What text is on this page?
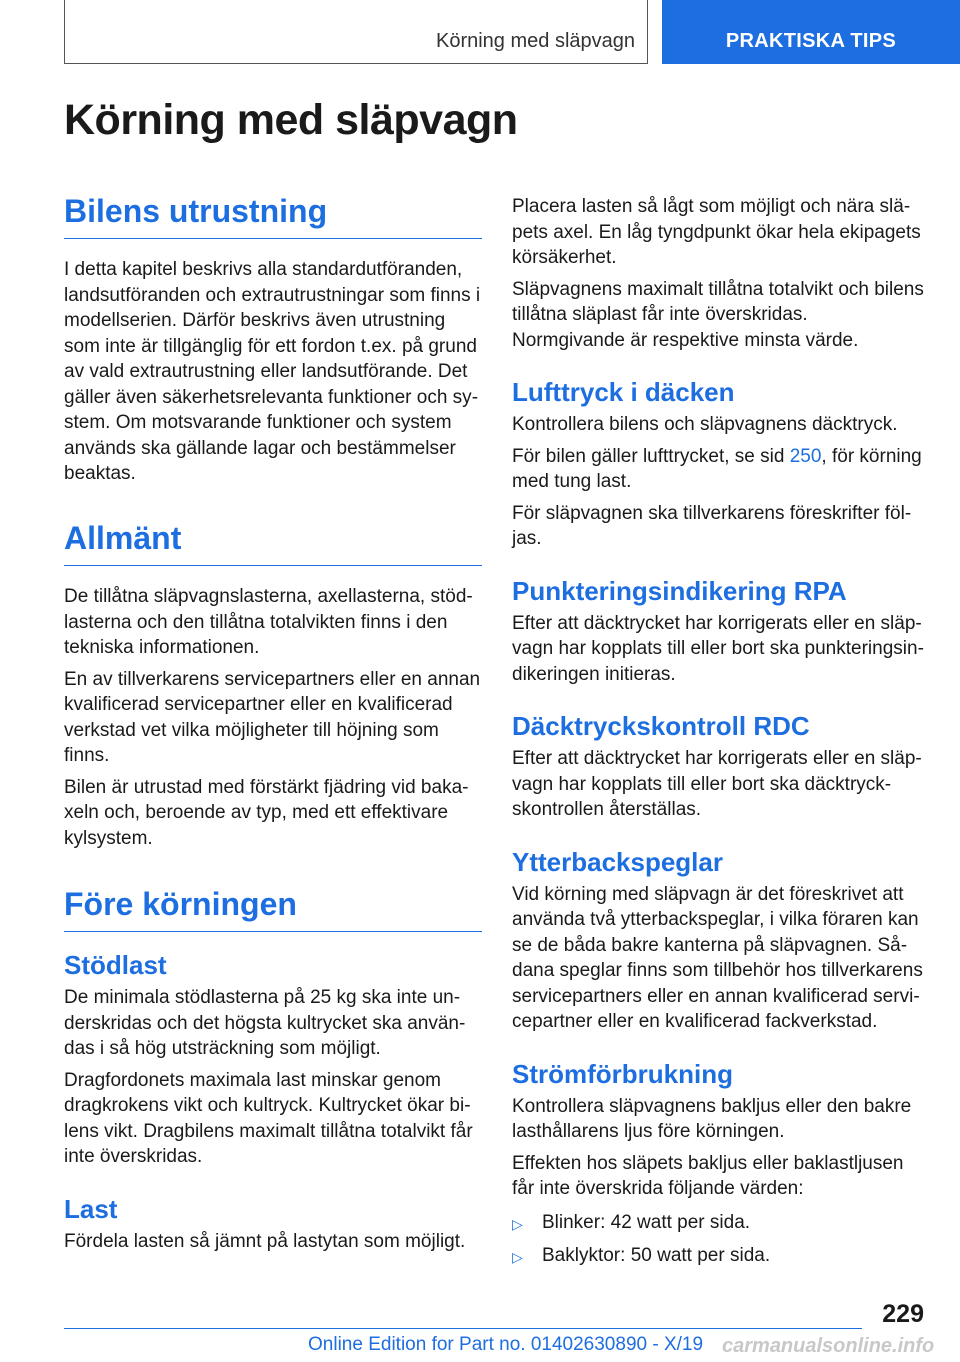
Körning med släpvagn	PRAKTISKA TIPS
Körning med släpvagn
Bilens utrustning

I detta kapitel beskrivs alla standardutföranden, landsutföranden och extrautrustningar som finns i modellserien. Därför beskrivs även utrustning som inte är tillgänglig för ett fordon t.ex. på grund av vald extrautrustning eller landsutförande. Det gäller även säkerhetsrelevanta funktioner och system. Om motsvarande funktioner och system används ska gällande lagar och bestämmelser beaktas.

Allmänt

De tillåtna släpvagnslasterna, axellasterna, stödlasterna och den tillåtna totalvikten finns i den tekniska informationen.

En av tillverkarens servicepartners eller en annan kvalificerad servicepartner eller en kvalificerad verkstad vet vilka möjligheter till höjning som finns.

Bilen är utrustad med förstärkt fjädring vid bakaxeln och, beroende av typ, med ett effektivare kylsystem.

Före körningen
Stödlast

De minimala stödlasterna på 25 kg ska inte underskridas och det högsta kultrycket ska användas i så hög utsträckning som möjligt.

Dragfordonets maximala last minskar genom dragkrokens vikt och kultryck. Kultrycket ökar bilens vikt. Dragbilens maximalt tillåtna totalvikt får inte överskridas.

Last

Fördela lasten så jämnt på lastytan som möjligt.

Placera lasten så lågt som möjligt och nära släpets axel. En låg tyngdpunkt ökar hela ekipagets körsäkerhet.

Släpvagnens maximalt tillåtna totalvikt och bilens tillåtna släplast får inte överskridas. Normgivande är respektive minsta värde.

Lufttryck i däcken

Kontrollera bilens och släpvagnens däcktryck.

För bilen gäller lufttrycket, se sid 250, för körning med tung last.

För släpvagnen ska tillverkarens föreskrifter följas.

Punkteringsindikering RPA

Efter att däcktrycket har korrigerats eller en släpvagn har kopplats till eller bort ska punkteringsindikeringen initieras.

Däcktryckskontroll RDC

Efter att däcktrycket har korrigerats eller en släpvagn har kopplats till eller bort ska däcktryckskontrollen återställas.

Ytterbackspeglar

Vid körning med släpvagn är det föreskrivet att använda två ytterbackspeglar, i vilka föraren kan se de båda bakre kanterna på släpvagnen. Sådana speglar finns som tillbehör hos tillverkarens servicepartners eller en annan kvalificerad servicepartner eller en kvalificerad fackverkstad.

Strömförbrukning

Kontrollera släpvagnens bakljus eller den bakre lasthållarens ljus före körningen.

Effekten hos släpets bakljus eller baklastljusen får inte överskrida följande värden:

▷	Blinker: 42 watt per sida.
▷	Baklyktor: 50 watt per sida.
229
Online Edition for Part no. 01402630890 - X/19 carmanualsonline.info
